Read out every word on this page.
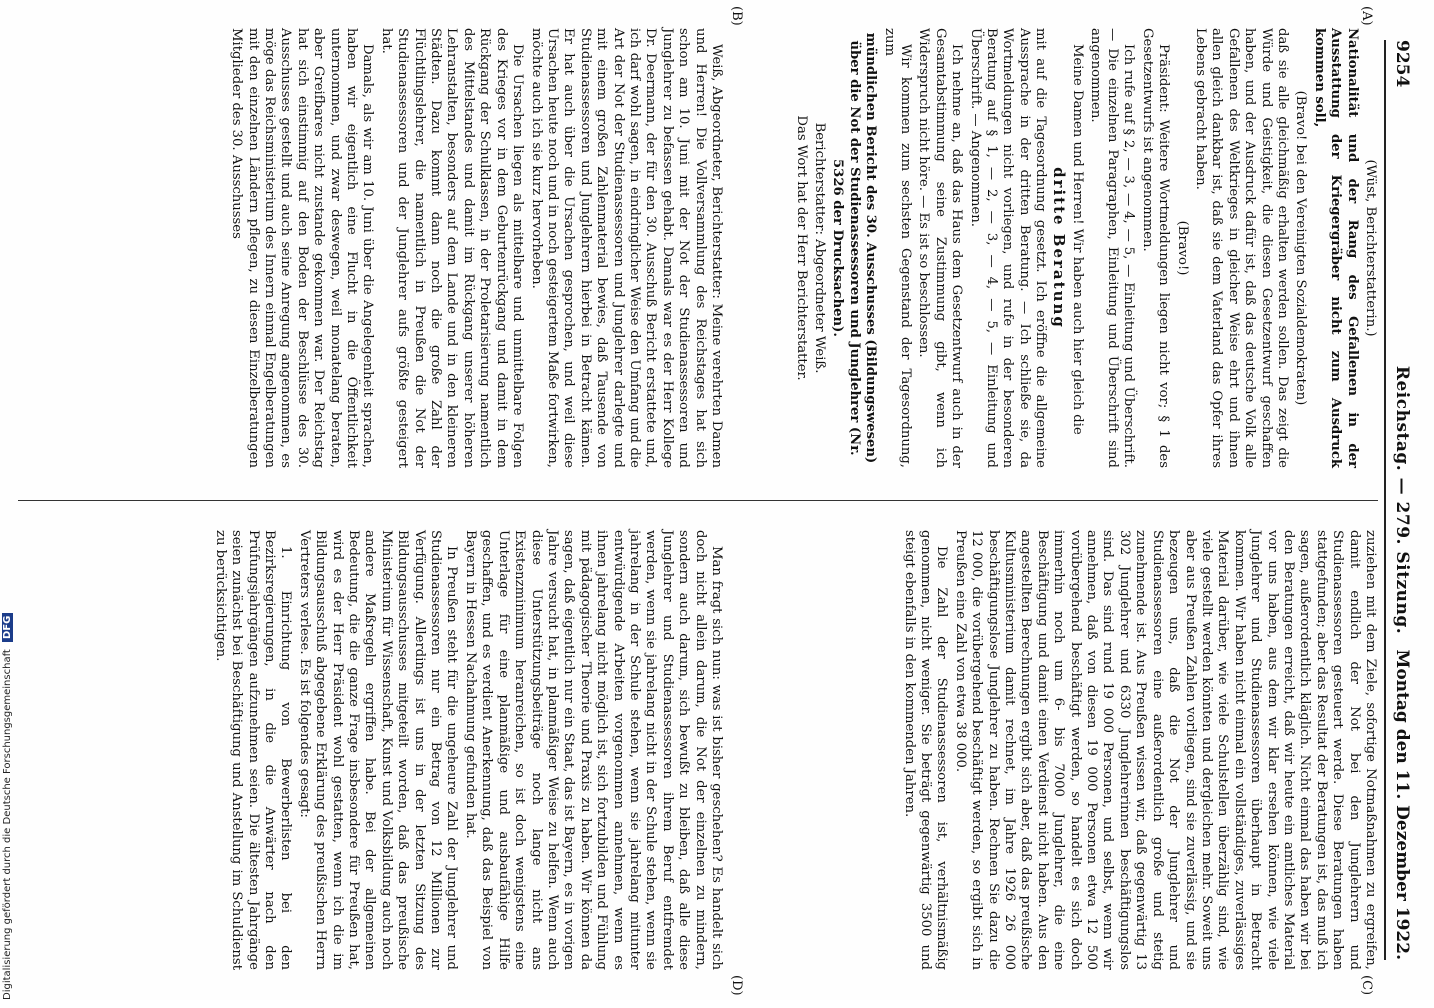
9254
Reichstag. — 279. Sitzung.
Montag den 11. Dezember 1922.
(A)
(B)
(C)
(D)

(Wüst, Berichterstatterin.)

Nationalität und der Rang des Gefallenen in der Ausstattung der Kriegergräber nicht zum Ausdruck kommen soll,

(Bravo! bei den Vereinigten Sozialdemokraten)

daß sie alle gleichmäßig erhalten werden sollen. Das zeigt die Würde und Geistigkeit, die diesen Gesetzentwurf geschaffen haben, und der Ausdruck dafür ist, daß das deutsche Volk alle Gefallenen des Weltkrieges in gleicher Weise ehrt und ihnen allen gleich dankbar ist, daß sie dem Vaterland das Opfer ihres Lebens gebracht haben.

(Bravo!)

Präsident: Weitere Wortmeldungen liegen nicht vor; § 1 des Gesetzentwurfs ist angenommen.

Ich rufe auf § 2, — 3, — 4, — 5, — Einleitung und Überschrift. — Die einzelnen Paragraphen, Einleitung und Überschrift sind angenommen.

Meine Damen und Herren! Wir haben auch hier gleich die

dritte Beratung

mit auf die Tagesordnung gesetzt. Ich eröffne die allgemeine Aussprache in der dritten Beratung. — Ich schließe sie, da Wortmeldungen nicht vorliegen, und rufe in der besonderen Beratung auf § 1, — 2, — 3, — 4, — 5, — Einleitung und Überschrift. — Angenommen.

Ich nehme an, daß das Haus dem Gesetzentwurf auch in der Gesamtabstimmung seine Zustimmung gibt, wenn ich Widerspruch nicht höre. — Es ist so beschlossen.

Wir kommen zum sechsten Gegenstand der Tagesordnung, zum

mündlichen Bericht des 30. Ausschusses (Bildungswesen) über die Not der Studienassessoren und Junglehrer (Nr. 5326 der Drucksachen).

Berichterstatter: Abgeordneter Weiß.

Das Wort hat der Herr Berichterstatter.

Weiß, Abgeordneter, Berichterstatter: Meine verehrten Damen und Herren! Die Vollversammlung des Reichstages hat sich schon am 10. Juni mit der Not der Studienassessoren und Junglehrer zu befassen gehabt. Damals war es der Herr Kollege Dr. Deermann, der für den 30. Ausschuß Bericht erstattete und, ich darf wohl sagen, in eindringlicher Weise den Umfang und die Art der Not der Studienassessoren und Junglehrer darlegte und mit einem großen Zahlenmaterial bewies, daß Tausende von Studienassessoren und Junglehrern hierbei in Betracht kämen. Er hat auch über die Ursachen gesprochen, und weil diese Ursachen heute noch und in noch gesteigertem Maße fortwirken, möchte auch ich sie kurz hervorheben.

Die Ursachen liegen als mittelbare und unmittelbare Folgen des Krieges vor in dem Geburtenrückgang und damit in dem Rückgang der Schulklassen, in der Proletarisierung namentlich des Mittelstandes und damit im Rückgang unserer höheren Lehranstalten, besonders auf dem Lande und in den kleineren Städten. Dazu kommt dann noch die große Zahl der Flüchtlingslehrer, die namentlich in Preußen die Not der Studienassessoren und der Junglehrer aufs größte gesteigert hat.

Damals, als wir am 10. Juni über die Angelegenheit sprachen, haben wir eigentlich eine Flucht in die Öffentlichkeit unternommen, und zwar deswegen, weil monatelang beraten, aber Greifbares nicht zustande gekommen war. Der Reichstag hat sich einstimmig auf den Boden der Beschlüsse des 30. Ausschusses gestellt und auch seine Anregung angenommen, es möge das Reichsministerium des Innern einmal Engelberatungen mit den einzelnen Ländern pflegen, zu diesen Einzelberatungen Mitglieder des 30. Ausschusses

zuziehen mit dem Ziele, sofortige Notmaßnahmen zu ergreifen, damit endlich der Not bei den Junglehrern und Studienassessoren gesteuert werde. Diese Beratungen haben stattgefunden; aber das Resultat der Beratungen ist, das muß ich sagen, außerordentlich kläglich. Nicht einmal das haben wir bei den Beratungen erreicht, daß wir heute ein amtliches Material vor uns haben, aus dem wir klar ersehen können, wie viele Junglehrer und Studienassessoren überhaupt in Betracht kommen. Wir haben nicht einmal ein vollständiges, zuverlässiges Material darüber, wie viele Schulstellen überzählig sind, wie viele gestellt werden könnten und dergleichen mehr. Soweit uns aber aus Preußen Zahlen vorliegen, sind sie zuverlässig, und sie bezeugen uns, daß die Not der Junglehrer und Studienassessoren eine außerordentlich große und stetig zunehmende ist. Aus Preußen wissen wir, daß gegenwärtig 13 302 Junglehrer und 6330 Junglehrerinnen beschäftigungslos sind. Das sind rund 19 000 Personen, und selbst, wenn wir annehmen, daß von diesen 19 000 Personen etwa 12 500 vorübergehend beschäftigt werden, so handelt es sich doch immerhin noch um 6- bis 7000 Junglehrer, die eine Beschäftigung und damit einen Verdienst nicht haben. Aus den angestellten Berechnungen ergibt sich aber, daß das preußische Kultusministerium damit rechnet, im Jahre 1926 26 000 beschäftigungslose Junglehrer zu haben. Rechnen Sie dazu die 12 000, die vorübergehend beschäftigt werden, so ergibt sich in Preußen eine Zahl von etwa 38 000.

Die Zahl der Studienassessoren ist, verhältnismäßig genommen, nicht weniger. Sie beträgt gegenwärtig 3500 und steigt ebenfalls in den kommenden Jahren.

Man fragt sich nun: was ist bisher geschehen? Es handelt sich doch nicht allein darum, die Not der einzelnen zu mindern, sondern auch darum, sich bewußt zu bleiben, daß alle diese Junglehrer und Studienassessoren ihrem Beruf entfremdet werden, wenn sie jahrelang nicht in der Schule stehen, wenn sie jahrelang in der Schule stehen, wenn sie jahrelang mitunter entwürdigende Arbeiten vorgenommen annehmen, wenn es ihnen jahrelang nicht möglich ist, sich fortzubilden und Fühlung mit pädagogischer Theorie und Praxis zu haben. Wir können da sagen, daß eigentlich nur ein Staat, das ist Bayern, es in vorigen Jahre versucht hat, in planmäßiger Weise zu helfen. Wenn auch diese Unterstützungsbeiträge noch lange nicht ans Existenzminimum heranreichen, so ist doch wenigstens eine Unterlage für eine planmäßige und ausbaufähige Hilfe geschaffen, und es verdient Anerkennung, daß das Beispiel von Bayern in Hessen Nachahmung gefunden hat.

In Preußen steht für die ungeheure Zahl der Junglehrer und Studienassessoren nur ein Betrag von 12 Millionen zur Verfügung. Allerdings ist uns in der letzten Sitzung des Bildungsausschusses mitgeteilt worden, daß das preußische Ministerium für Wissenschaft, Kunst und Volksbildung auch noch andere Maßregeln ergriffen habe. Bei der allgemeinen Bedeutung, die die ganze Frage insbesondere für Preußen hat, wird es der Herr Präsident wohl gestatten, wenn ich die im Bildungsausschuß abgegebene Erklärung des preußischen Herrn Vertreters verlese. Es ist folgendes gesagt:

1. Einrichtung von Bewerberlisten bei den Bezirksregierungen, in die die Anwärter nach den Prüfungsjahrgängen aufzunehmen seien. Die ältesten Jahrgänge seien zunächst bei Beschäftigung und Anstellung im Schuldienst zu berücksichtigen.

Digitalisierung gefördert durch die Deutsche Forschungsgemeinschaft DFG
